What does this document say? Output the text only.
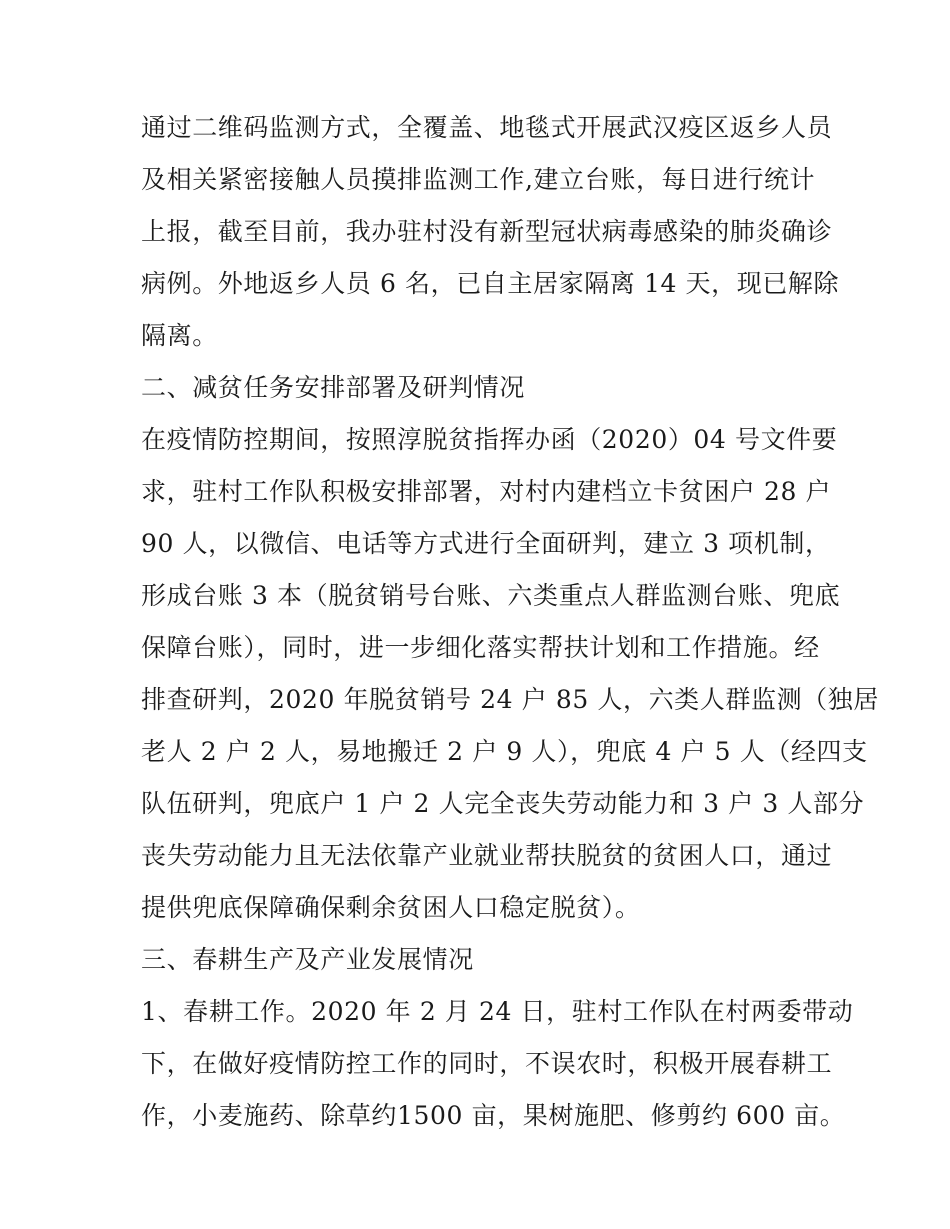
通过二维码监测方式，全覆盖、地毯式开展武汉疫区返乡人员
及相关紧密接触人员摸排监测工作,建立台账，每日进行统计
上报，截至目前，我办驻村没有新型冠状病毒感染的肺炎确诊
病例。外地返乡人员 6 名，已自主居家隔离 14 天，现已解除
隔离。
二、减贫任务安排部署及研判情况
在疫情防控期间，按照淳脱贫指挥办函（2020）04 号文件要
求，驻村工作队积极安排部署，对村内建档立卡贫困户 28 户
90 人，以微信、电话等方式进行全面研判，建立 3 项机制，
形成台账 3 本（脱贫销号台账、六类重点人群监测台账、兜底
保障台账），同时，进一步细化落实帮扶计划和工作措施。经
排查研判，2020 年脱贫销号 24 户 85 人，六类人群监测（独居
老人 2 户 2 人，易地搬迁 2 户 9 人），兜底 4 户 5 人（经四支
队伍研判，兜底户 1 户 2 人完全丧失劳动能力和 3 户 3 人部分
丧失劳动能力且无法依靠产业就业帮扶脱贫的贫困人口，通过
提供兜底保障确保剩余贫困人口稳定脱贫）。
三、春耕生产及产业发展情况
1、春耕工作。2020 年 2 月 24 日，驻村工作队在村两委带动
下，在做好疫情防控工作的同时，不误农时，积极开展春耕工
作，小麦施药、除草约1500 亩，果树施肥、修剪约 600 亩。
